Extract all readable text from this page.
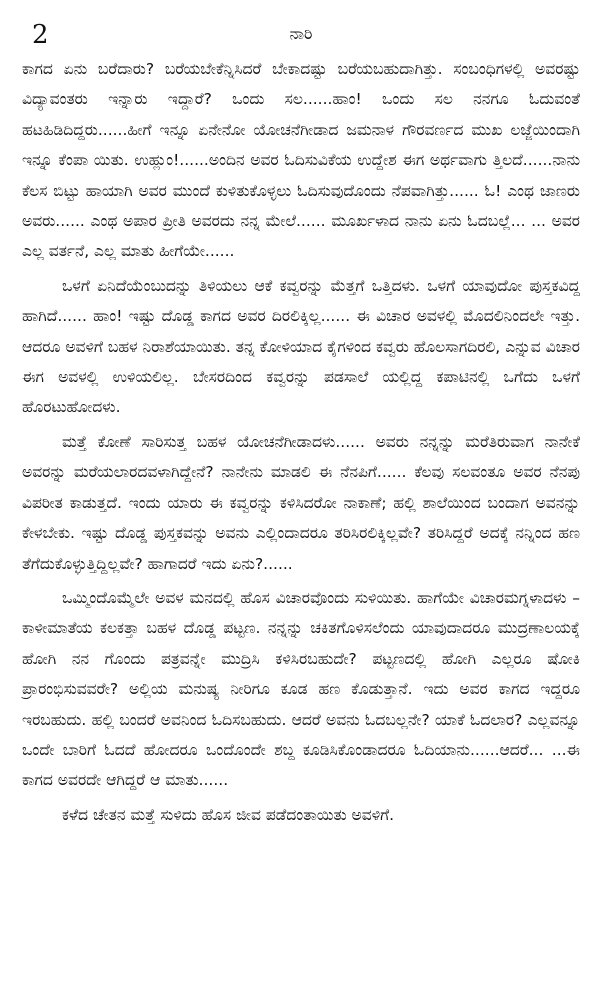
2	ನಾರಿ

ಕಾಗದ ಏನು ಬರೆದಾರು? ಬರೆಯಬೇಕೆನ್ನಿಸಿದರೆ ಬೇಕಾದಷ್ಟು ಬರೆಯಬಹುದಾಗಿತ್ತು. ಸಂಬಂಧಿಗಳಲ್ಲಿ ಅವರಷ್ಟು ವಿದ್ಯಾವಂತರು ಇನ್ನಾರು ಇದ್ದಾರೆ? ಒಂದು ಸಲ......ಹಾಂ! ಒಂದು ಸಲ ನನಗೂ ಓದುವಂತೆ ಹಟಹಿಡಿದಿದ್ದರು......ಹೀಗೆ ಇನ್ನೂ ಏನೇನೋ ಯೋಚನೆಗೀಡಾದ ಜಮನಾಳ ಗೌರವರ್ಣದ ಮುಖ ಲಜ್ಜೆಯಿಂದಾಗಿ ಇನ್ನೂ ಕೆಂಪಾ ಯಿತು. ಉಹ್ಲುಂ!......ಅಂದಿನ ಅವರ ಓದಿಸುವಿಕೆಯ ಉದ್ದೇಶ ಈಗ ಅರ್ಥವಾಗು ತ್ತಿಲದೆ......ನಾನು ಕೆಲಸ ಬಿಟ್ಟು ಹಾಯಾಗಿ ಅವರ ಮುಂದೆ ಕುಳಿತುಕೊಳ್ಳಲು ಓದಿಸುವುದೊಂದು ನೆಪವಾಗಿತ್ತು...... ಓ! ಎಂಥ ಜಾಣರು ಅವರು...... ಎಂಥ ಅಪಾರ ಪ್ರೀತಿ ಅವರದು ನನ್ನ ಮೇಲೆ...... ಮೂರ್ಖಳಾದ ನಾನು ಏನು ಓದಬಲ್ಲೆ... ... ಅವರ ಎಲ್ಲ ವರ್ತನೆ, ಎಲ್ಲ ಮಾತು ಹೀಗೆಯೇ......

ಒಳಗೆ ಏನಿದೆಯೆಂಬುದನ್ನು ತಿಳಿಯಲು ಆಕೆ ಕವ್ವರನ್ನು ಮೆತ್ತಗೆ ಒತ್ತಿದಳು. ಒಳಗೆ ಯಾವುದೋ ಪುಸ್ತಕವಿದ್ದ ಹಾಗಿದೆ...... ಹಾಂ! ಇಷ್ಟು ದೊಡ್ಡ ಕಾಗದ ಅವರ ದಿರಲಿಕ್ಕಿಲ್ಲ...... ಈ ವಿಚಾರ ಅವಳಲ್ಲಿ ಮೊದಲಿನಿಂದಲೇ ಇತ್ತು. ಆದರೂ ಅವಳಿಗೆ ಬಹಳ ನಿರಾಶೆಯಾಯಿತು. ತನ್ನ ಕೋಳಿಯಾದ ಕೈಗಳಿಂದ ಕವ್ವರು ಹೊಲಸಾಗದಿರಲಿ, ಎನ್ನುವ ವಿಚಾರ ಈಗ ಅವಳಲ್ಲಿ ಉಳಿಯಲಿಲ್ಲ. ಬೇಸರದಿಂದ ಕವ್ವರನ್ನು ಪಡಸಾಲೆ ಯಲ್ಲಿದ್ದ ಕಪಾಟಿನಲ್ಲಿ ಒಗೆದು ಒಳಗೆ ಹೊರಟುಹೋದಳು.

ಮತ್ತೆ ಕೋಣೆ ಸಾರಿಸುತ್ತ ಬಹಳ ಯೋಚನೆಗೀಡಾದಳು...... ಅವರು ನನ್ನನ್ನು ಮರೆತಿರುವಾಗ ನಾನೇಕೆ ಅವರನ್ನು ಮರೆಯಲಾರದವಳಾಗಿದ್ದೇನೆ? ನಾನೇನು ಮಾಡಲಿ ಈ ನೆನಪಿಗೆ...... ಕೆಲವು ಸಲವಂತೂ ಅವರ ನೆನಪು ವಿಪರೀತ ಕಾಡುತ್ತದೆ. ಇಂದು ಯಾರು ಈ ಕವ್ವರನ್ನು ಕಳಿಸಿದರೋ ನಾಕಾಣೆ; ಹಲ್ಲಿ ಶಾಲೆಯಿಂದ ಬಂದಾಗ ಅವನನ್ನು ಕೇಳಬೇಕು. ಇಷ್ಟು ದೊಡ್ಡ ಪುಸ್ತಕವನ್ನು ಅವನು ಎಲ್ಲಿಂದಾದರೂ ತರಿಸಿರಲಿಕ್ಕಿಲ್ಲವೇ? ತರಿಸಿದ್ದರೆ ಅದಕ್ಕೆ ನನ್ನಿಂದ ಹಣ ತೆಗೆದುಕೊಳ್ಳುತ್ತಿದ್ದಿಲ್ಲವೇ? ಹಾಗಾದರೆ ಇದು ಏನು?......

ಒಮ್ಮಿಂದೊಮ್ಮೆಲೇ ಅವಳ ಮನದಲ್ಲಿ ಹೊಸ ವಿಚಾರವೊಂದು ಸುಳಿಯಿತು. ಹಾಗೆಯೇ ವಿಚಾರಮಗ್ನಳಾದಳು – ಕಾಳೀಮಾತೆಯ ಕಲಕತ್ತಾ ಬಹಳ ದೊಡ್ಡ ಪಟ್ಟಣ. ನನ್ನನ್ನು ಚಕಿತಗೊಳಿಸಲೆಂದು ಯಾವುದಾದರೂ ಮುದ್ರಣಾಲಯಕ್ಕೆ ಹೋಗಿ ನನ ಗೊಂದು ಪತ್ರವನ್ನೇ ಮುದ್ರಿಸಿ ಕಳಿಸಿರಬಹುದೇ? ಪಟ್ಟಣದಲ್ಲಿ ಹೋಗಿ ಎಲ್ಲರೂ ಷೋಕಿ ಪ್ರಾರಂಭಿಸುವವರೇ? ಅಲ್ಲಿಯ ಮನುಷ್ಯ ನೀರಿಗೂ ಕೂಡ ಹಣ ಕೊಡುತ್ತಾನೆ. ಇದು ಅವರ ಕಾಗದ ಇದ್ದರೂ ಇರಬಹುದು. ಹಲ್ಲಿ ಬಂದರೆ ಅವನಿಂದ ಓದಿಸಬಹುದು. ಆದರೆ ಅವನು ಓದಬಲ್ಲನೇ? ಯಾಕೆ ಓದಲಾರ? ಎಲ್ಲವನ್ನೂ ಒಂದೇ ಬಾರಿಗೆ ಓದದೆ ಹೋದರೂ ಒಂದೊಂದೇ ಶಬ್ದ ಕೂಡಿಸಿಕೊಂಡಾದರೂ ಓದಿಯಾನು......ಆದರೆ... ...ಈ ಕಾಗದ ಅವರದೇ ಆಗಿದ್ದರೆ ಆ ಮಾತು......

ಕಳೆದ ಚೇತನ ಮತ್ತೆ ಸುಳಿದು ಹೊಸ ಜೀವ ಪಡೆದಂತಾಯಿತು ಅವಳಿಗೆ.
